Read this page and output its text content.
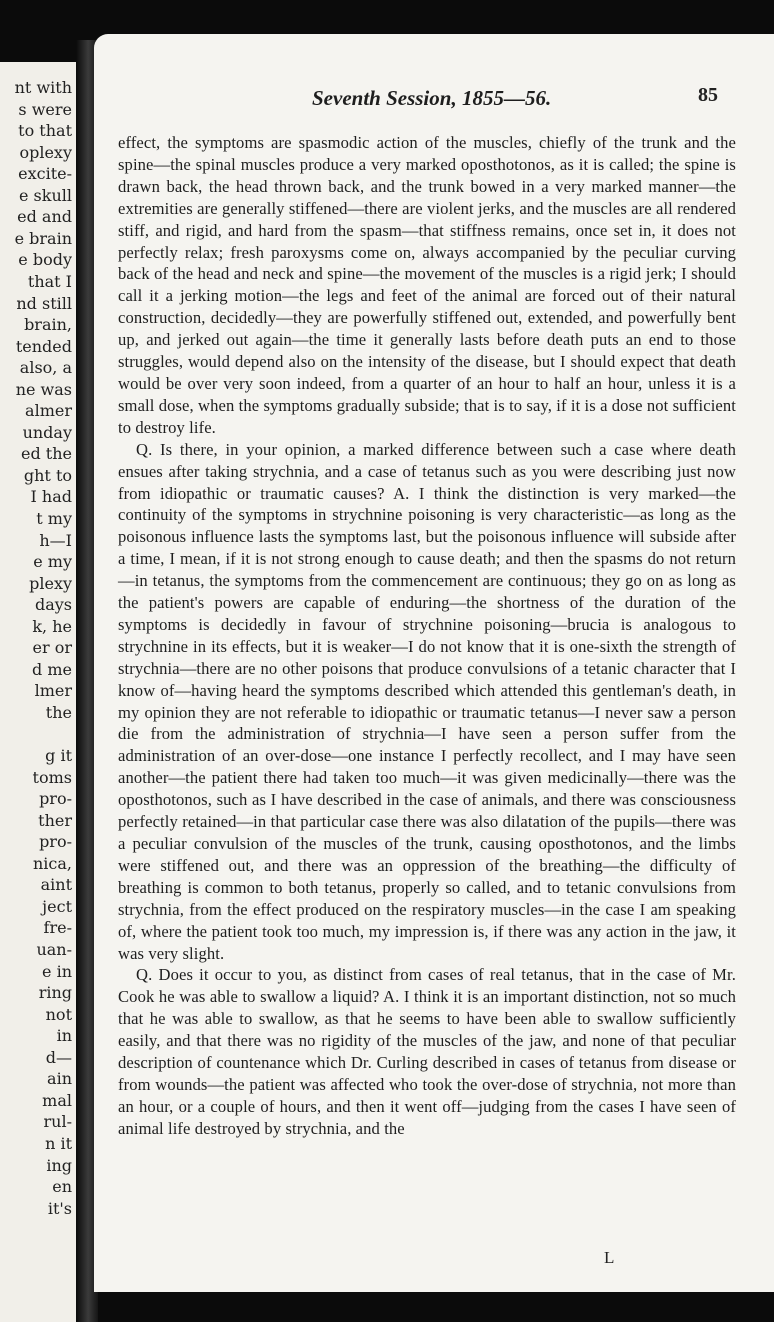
nt with
s were
to that
oplexy
excite-
e skull
ed and
e brain
e body
that I
nd still
brain,
tended
also, a
ne was
almer
unday
ed the
ght to
I had
t my
h—I
e my
plexy
days
k, he
er or
d me
lmer
the
g it
toms
pro-
ther
pro-
nica,
aint
ject
fre-
uan-
e in
ring
not
in
d—
ain
mal
rul-
n it
ing
en
it's
Seventh Session, 1855—56.	85

effect, the symptoms are spasmodic action of the muscles, chiefly of the trunk and the spine—the spinal muscles produce a very marked oposthotonos, as it is called; the spine is drawn back, the head thrown back, and the trunk bowed in a very marked manner—the extremities are generally stiffened—there are violent jerks, and the muscles are all rendered stiff, and rigid, and hard from the spasm—that stiffness remains, once set in, it does not perfectly relax; fresh paroxysms come on, always accompanied by the peculiar curving back of the head and neck and spine—the movement of the muscles is a rigid jerk; I should call it a jerking motion—the legs and feet of the animal are forced out of their natural construction, decidedly—they are powerfully stiffened out, extended, and powerfully bent up, and jerked out again—the time it generally lasts before death puts an end to those struggles, would depend also on the intensity of the disease, but I should expect that death would be over very soon indeed, from a quarter of an hour to half an hour, unless it is a small dose, when the symptoms gradually subside; that is to say, if it is a dose not sufficient to destroy life.

Q. Is there, in your opinion, a marked difference between such a case where death ensues after taking strychnia, and a case of tetanus such as you were describing just now from idiopathic or traumatic causes? A. I think the distinction is very marked—the continuity of the symptoms in strychnine poisoning is very characteristic—as long as the poisonous influence lasts the symptoms last, but the poisonous influence will subside after a time, I mean, if it is not strong enough to cause death; and then the spasms do not return—in tetanus, the symptoms from the commencement are continuous; they go on as long as the patient's powers are capable of enduring—the shortness of the duration of the symptoms is decidedly in favour of strychnine poisoning—brucia is analogous to strychnine in its effects, but it is weaker—I do not know that it is one-sixth the strength of strychnia—there are no other poisons that produce convulsions of a tetanic character that I know of—having heard the symptoms described which attended this gentleman's death, in my opinion they are not referable to idiopathic or traumatic tetanus—I never saw a person die from the administration of strychnia—I have seen a person suffer from the administration of an over-dose—one instance I perfectly recollect, and I may have seen another—the patient there had taken too much—it was given medicinally—there was the oposthotonos, such as I have described in the case of animals, and there was consciousness perfectly retained—in that particular case there was also dilatation of the pupils—there was a peculiar convulsion of the muscles of the trunk, causing oposthotonos, and the limbs were stiffened out, and there was an oppression of the breathing—the difficulty of breathing is common to both tetanus, properly so called, and to tetanic convulsions from strychnia, from the effect produced on the respiratory muscles—in the case I am speaking of, where the patient took too much, my impression is, if there was any action in the jaw, it was very slight.

Q. Does it occur to you, as distinct from cases of real tetanus, that in the case of Mr. Cook he was able to swallow a liquid? A. I think it is an important distinction, not so much that he was able to swallow, as that he seems to have been able to swallow sufficiently easily, and that there was no rigidity of the muscles of the jaw, and none of that peculiar description of countenance which Dr. Curling described in cases of tetanus from disease or from wounds—the patient was affected who took the over-dose of strychnia, not more than an hour, or a couple of hours, and then it went off—judging from the cases I have seen of animal life destroyed by strychnia, and the

L
